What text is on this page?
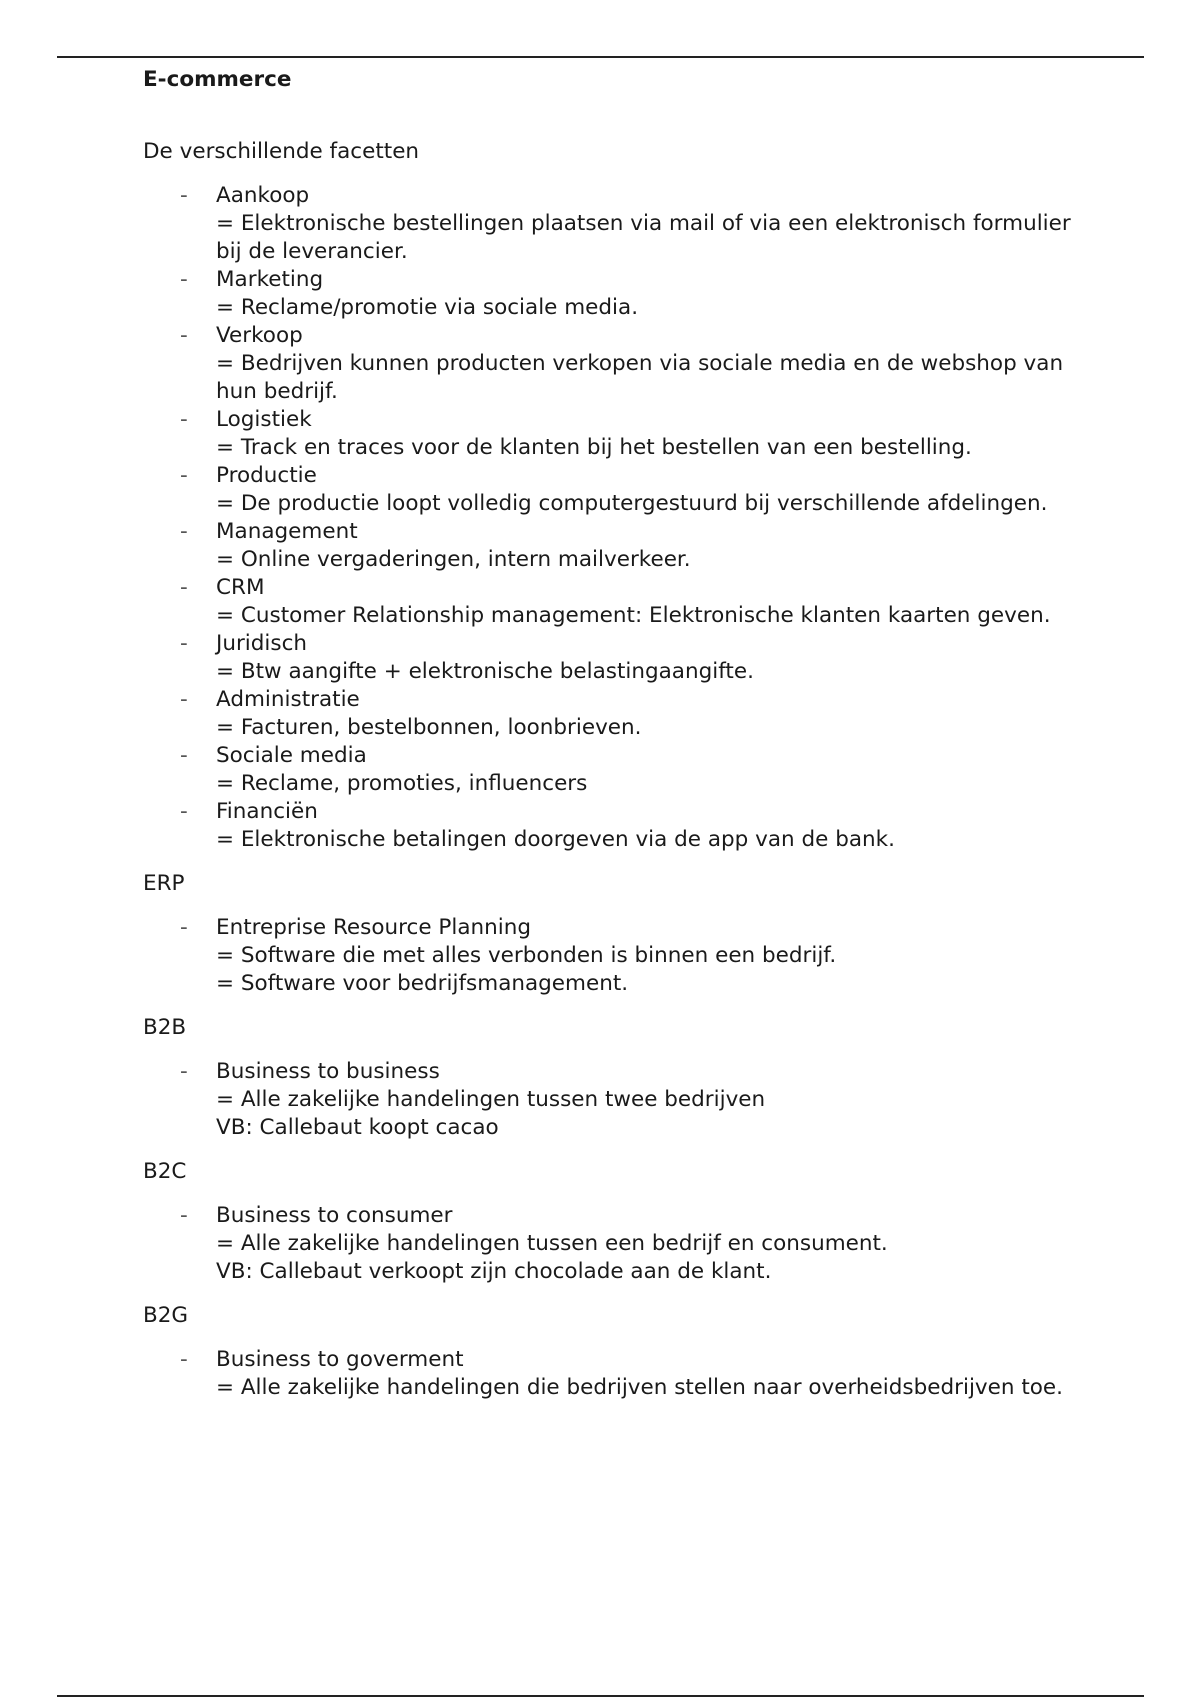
E-commerce
De verschillende facetten
- Aankoop
= Elektronische bestellingen plaatsen via mail of via een elektronisch formulier bij de leverancier.
- Marketing
= Reclame/promotie via sociale media.
- Verkoop
= Bedrijven kunnen producten verkopen via sociale media en de webshop van hun bedrijf.
- Logistiek
= Track en traces voor de klanten bij het bestellen van een bestelling.
- Productie
= De productie loopt volledig computergestuurd bij verschillende afdelingen.
- Management
= Online vergaderingen, intern mailverkeer.
- CRM
= Customer Relationship management: Elektronische klanten kaarten geven.
- Juridisch
= Btw aangifte + elektronische belastingaangifte.
- Administratie
= Facturen, bestelbonnen, loonbrieven.
- Sociale media
= Reclame, promoties, influencers
- Financiën
= Elektronische betalingen doorgeven via de app van de bank.
ERP
- Entreprise Resource Planning
= Software die met alles verbonden is binnen een bedrijf.
= Software voor bedrijfsmanagement.
B2B
- Business to business
= Alle zakelijke handelingen tussen twee bedrijven
VB: Callebaut koopt cacao
B2C
- Business to consumer
= Alle zakelijke handelingen tussen een bedrijf en consument.
VB: Callebaut verkoopt zijn chocolade aan de klant.
B2G
- Business to goverment
= Alle zakelijke handelingen die bedrijven stellen naar overheidsbedrijven toe.
